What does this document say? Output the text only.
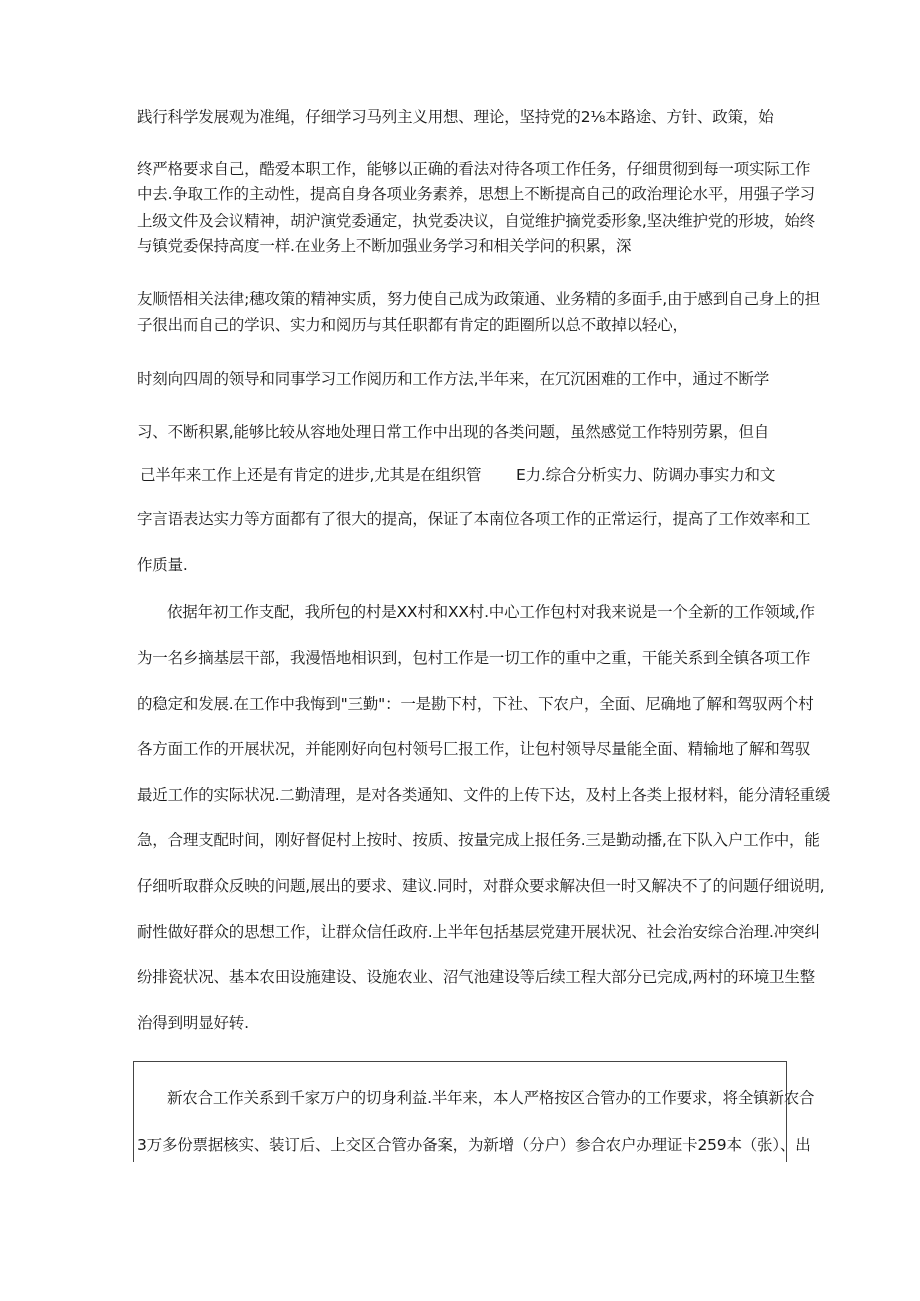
践行科学发展观为准绳，仔细学习马列主义用想、理论，坚持党的2⅛本路途、方针、政策，始
终严格要求自己，酷爱本职工作，能够以正确的看法对待各项工作任务，仔细贯彻到每一项实际工作
中去.争取工作的主动性，提高自身各项业务素养，思想上不断提高自己的政治理论水平，用强子学习
上级文件及会议精神，胡沪演党委通定，执党委决议，自觉维护摘党委形象,坚决维护党的形坡，始终
与镇党委保持高度一样.在业务上不断加强业务学习和相关学问的积累，深
友顺悟相关法律;穗攻策的精神实质，努力使自己成为政策通、业务精的多面手,由于感到自己身上的担
子很出而自己的学识、实力和阅历与其任职都有肯定的距圈所以总不敢掉以轻心，
时刻向四周的领导和同事学习工作阅历和工作方法,半年来，在冗沉困难的工作中，通过不断学
习、不断积累,能够比较从容地处理日常工作中出现的各类问题，虽然感觉工作特别劳累，但自
己半年来工作上还是有肯定的进步,尤其是在组织管 E力.综合分析实力、防调办事实力和文
字言语表达实力等方面都有了很大的提高，保证了本南位各项工作的正常运行，提高了工作效率和工
作质量.
依据年初工作支配，我所包的村是XX村和XX村.中心工作包村对我来说是一个全新的工作领域,作
为一名乡摘基层干部，我漫悟地相识到，包村工作是一切工作的重中之重，干能关系到全镇各项工作
的稳定和发展.在工作中我悔到"三勤"：一是勘下村，下社、下农户，全面、尼确地了解和驾驭两个村
各方面工作的开展状况，并能刚好向包村领号匚报工作，让包村领导尽量能全面、精输地了解和驾驭
最近工作的实际状况.二勤清理，是对各类通知、文件的上传下达，及村上各类上报材料，能分清轻重缓
急，合理支配时间，刚好督促村上按时、按质、按量完成上报任务.三是勤动播,在下队入户工作中，能
仔细听取群众反映的问题,展出的要求、建议.同时，对群众要求解决但一时又解决不了的问题仔细说明,
耐性做好群众的思想工作，让群众信任政府.上半年包括基层党建开展状况、社会治安综合治理.冲突纠
纷排瓷状况、基本农田设施建设、设施农业、沼气池建设等后续工程大部分已完成,两村的环境卫生整
治得到明显好转.
新农合工作关系到千家万户的切身利益.半年来，本人严格按区合管办的工作要求，将全镇新农合
3万多份票据核实、装订后、上交区合管办备案，为新增（分户）参合农户办理证卡259本（张）、出
